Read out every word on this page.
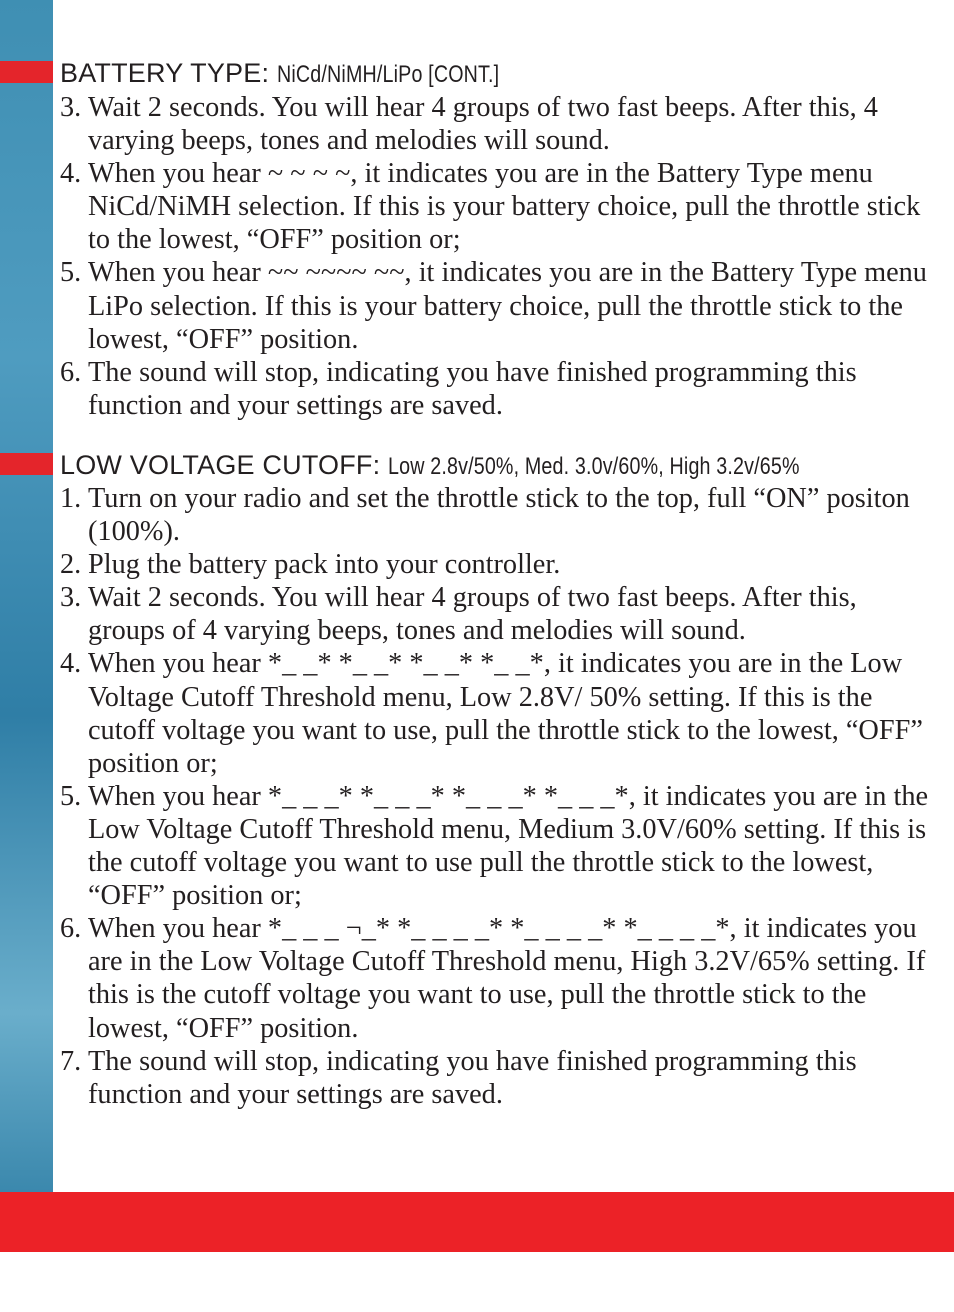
BATTERY TYPE: NiCd/NiMH/LiPo [CONT.]
3. Wait 2 seconds. You will hear 4 groups of two fast beeps. After this, 4 varying beeps, tones and melodies will sound.
4. When you hear ~ ~ ~ ~, it indicates you are in the Battery Type menu NiCd/NiMH selection. If this is your battery choice, pull the throttle stick to the lowest, “OFF” position or;
5. When you hear ~~ ~~~~ ~~, it indicates you are in the Battery Type menu LiPo selection. If this is your battery choice, pull the throttle stick to the lowest, “OFF” position.
6. The sound will stop, indicating you have finished programming this function and your settings are saved.
LOW VOLTAGE CUTOFF: Low 2.8v/50%, Med. 3.0v/60%, High 3.2v/65%
1. Turn on your radio and set the throttle stick to the top, full “ON” positon (100%).
2. Plug the battery pack into your controller.
3. Wait 2 seconds. You will hear 4 groups of two fast beeps. After this, groups of 4 varying beeps, tones and melodies will sound.
4. When you hear *_ _* *_ _* *_ _* *_ _*, it indicates you are in the Low Voltage Cutoff Threshold menu, Low 2.8V/ 50% setting. If this is the cutoff voltage you want to use, pull the throttle stick to the lowest, “OFF” position or;
5. When you hear *_ _ _* *_ _ _* *_ _ _* *_ _ _*, it indicates you are in the Low Voltage Cutoff Threshold menu, Medium 3.0V/60% setting. If this is the cutoff voltage you want to use pull the throttle stick to the lowest, “OFF” position or;
6. When you hear *_ _ _ ¬_* *_ _ _ _* *_ _ _ _* *_ _ _ _*, it indicates you are in the Low Voltage Cutoff Threshold menu, High 3.2V/65% setting. If this is the cutoff voltage you want to use, pull the throttle stick to the lowest, “OFF” position.
7. The sound will stop, indicating you have finished programming this function and your settings are saved.
